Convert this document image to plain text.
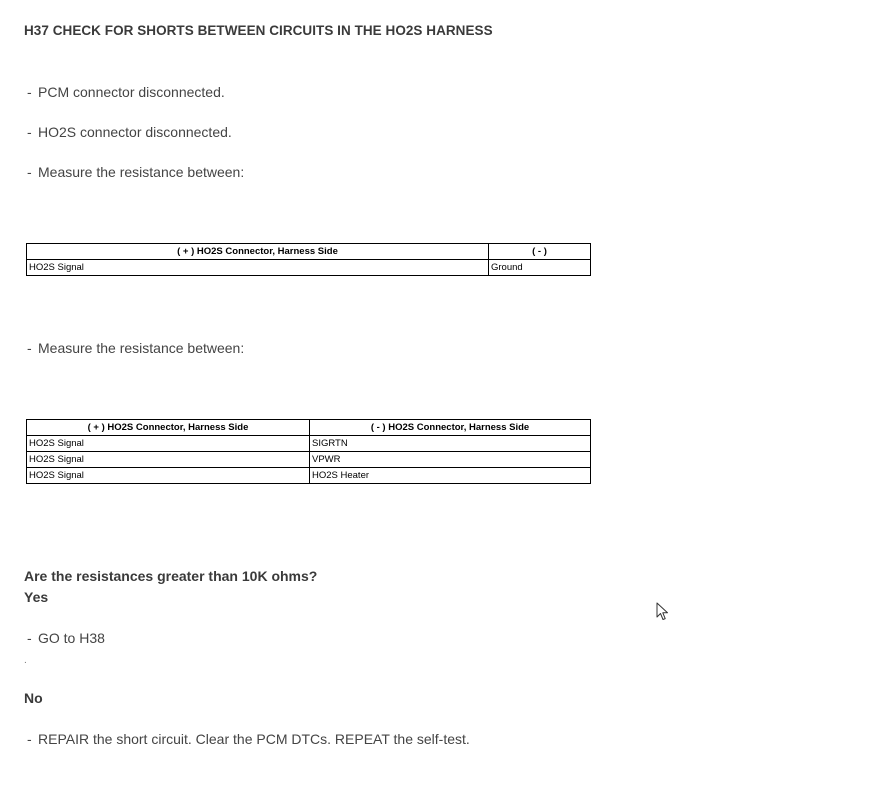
H37 CHECK FOR SHORTS BETWEEN CIRCUITS IN THE HO2S HARNESS
- PCM connector disconnected.
- HO2S connector disconnected.
- Measure the resistance between:
( + ) HO2S Connector, Harness Side	( - )
HO2S Signal	Ground
- Measure the resistance between:
( + ) HO2S Connector, Harness Side	( - ) HO2S Connector, Harness Side
HO2S Signal	SIGRTN
HO2S Signal	VPWR
HO2S Signal	HO2S Heater
Are the resistances greater than 10K ohms?
Yes
- GO to H38
.
No
- REPAIR the short circuit. Clear the PCM DTCs. REPEAT the self-test.
